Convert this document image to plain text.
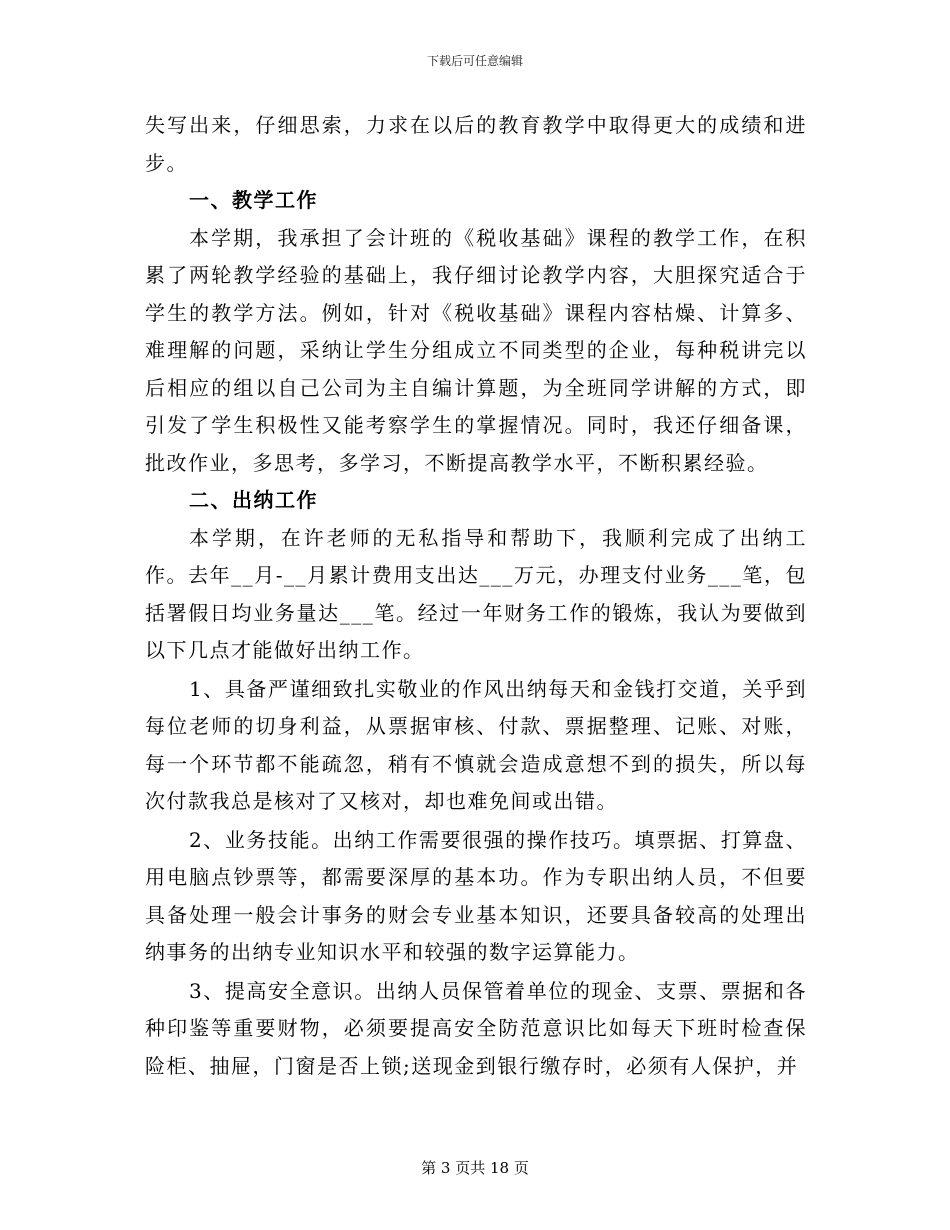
下载后可任意编辑

失写出来，仔细思索，力求在以后的教育教学中取得更大的成绩和进步。

一、教学工作

本学期，我承担了会计班的《税收基础》课程的教学工作，在积累了两轮教学经验的基础上，我仔细讨论教学内容，大胆探究适合于学生的教学方法。例如，针对《税收基础》课程内容枯燥、计算多、难理解的问题，采纳让学生分组成立不同类型的企业，每种税讲完以后相应的组以自己公司为主自编计算题，为全班同学讲解的方式，即引发了学生积极性又能考察学生的掌握情况。同时，我还仔细备课，批改作业，多思考，多学习，不断提高教学水平，不断积累经验。

二、出纳工作

本学期，在许老师的无私指导和帮助下，我顺利完成了出纳工作。去年__月-__月累计费用支出达___万元，办理支付业务___笔，包括署假日均业务量达___笔。经过一年财务工作的锻炼，我认为要做到以下几点才能做好出纳工作。

1、具备严谨细致扎实敬业的作风出纳每天和金钱打交道，关乎到每位老师的切身利益，从票据审核、付款、票据整理、记账、对账，每一个环节都不能疏忽，稍有不慎就会造成意想不到的损失，所以每次付款我总是核对了又核对，却也难免间或出错。

2、业务技能。出纳工作需要很强的操作技巧。填票据、打算盘、用电脑点钞票等，都需要深厚的基本功。作为专职出纳人员，不但要具备处理一般会计事务的财会专业基本知识，还要具备较高的处理出纳事务的出纳专业知识水平和较强的数字运算能力。

3、提高安全意识。出纳人员保管着单位的现金、支票、票据和各种印鉴等重要财物，必须要提高安全防范意识比如每天下班时检查保险柜、抽屉，门窗是否上锁;送现金到银行缴存时，必须有人保护，并

第 3 页共 18 页
